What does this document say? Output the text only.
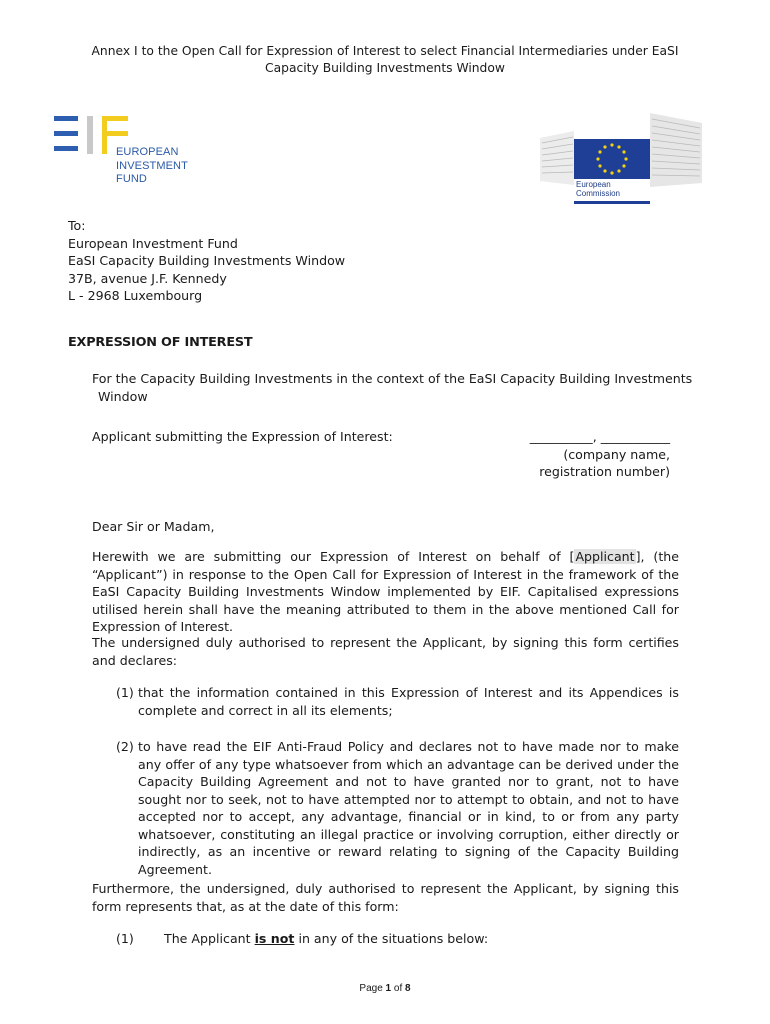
Annex I to the Open Call for Expression of Interest to select Financial Intermediaries under EaSI
Capacity Building Investments Window
EUROPEAN
INVESTMENT
FUND	European
Commission
To:
European Investment Fund
EaSI Capacity Building Investments Window
37B, avenue J.F. Kennedy
L - 2968 Luxembourg
EXPRESSION OF INTEREST
For the Capacity Building Investments in the context of the EaSI Capacity Building Investments
Window
Applicant submitting the Expression of Interest:	__________, ___________
(company name,
registration number)
Dear Sir or Madam,
Herewith we are submitting our Expression of Interest on behalf of [Applicant], (the “Applicant”) in response to the Open Call for Expression of Interest in the framework of the EaSI Capacity Building Investments Window implemented by EIF. Capitalised expressions utilised herein shall have the meaning attributed to them in the above mentioned Call for Expression of Interest.
The undersigned duly authorised to represent the Applicant, by signing this form certifies and declares:
(1) that the information contained in this Expression of Interest and its Appendices is complete and correct in all its elements;
(2) to have read the EIF Anti-Fraud Policy and declares not to have made nor to make any offer of any type whatsoever from which an advantage can be derived under the Capacity Building Agreement and not to have granted nor to grant, not to have sought nor to seek, not to have attempted nor to attempt to obtain, and not to have accepted nor to accept, any advantage, financial or in kind, to or from any party whatsoever, constituting an illegal practice or involving corruption, either directly or indirectly, as an incentive or reward relating to signing of the Capacity Building Agreement.
Furthermore, the undersigned, duly authorised to represent the Applicant, by signing this form represents that, as at the date of this form:
(1) The Applicant is not in any of the situations below:
Page 1 of 8
